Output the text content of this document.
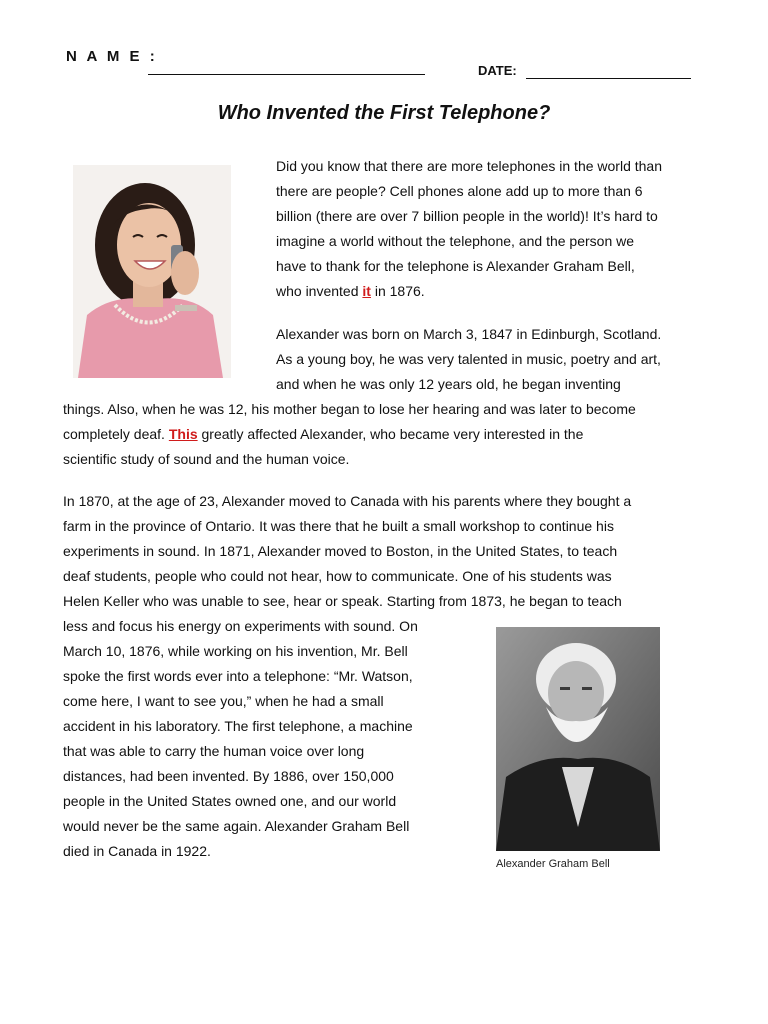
N A M E :
DATE:
Who Invented the First Telephone?

Did you know that there are more telephones in the world than
there are people? Cell phones alone add up to more than 6
billion (there are over 7 billion people in the world)! It’s hard to
imagine a world without the telephone, and the person we
have to thank for the telephone is Alexander Graham Bell,
who invented it in 1876.

Alexander was born on March 3, 1847 in Edinburgh, Scotland.
As a young boy, he was very talented in music, poetry and art,
and when he was only 12 years old, he began inventing

things. Also, when he was 12, his mother began to lose her hearing and was later to become
completely deaf. This greatly affected Alexander, who became very interested in the
scientific study of sound and the human voice.

In 1870, at the age of 23, Alexander moved to Canada with his parents where they bought a
farm in the province of Ontario. It was there that he built a small workshop to continue his
experiments in sound. In 1871, Alexander moved to Boston, in the United States, to teach
deaf students, people who could not hear, how to communicate. One of his students was
Helen Keller who was unable to see, hear or speak. Starting from 1873, he began to teach

less and focus his energy on experiments with sound. On
March 10, 1876, while working on his invention, Mr. Bell
spoke the first words ever into a telephone: “Mr. Watson,
come here, I want to see you,” when he had a small
accident in his laboratory. The first telephone, a machine
that was able to carry the human voice over long
distances, had been invented. By 1886, over 150,000
people in the United States owned one, and our world
would never be the same again. Alexander Graham Bell
died in Canada in 1922.

Alexander Graham Bell
